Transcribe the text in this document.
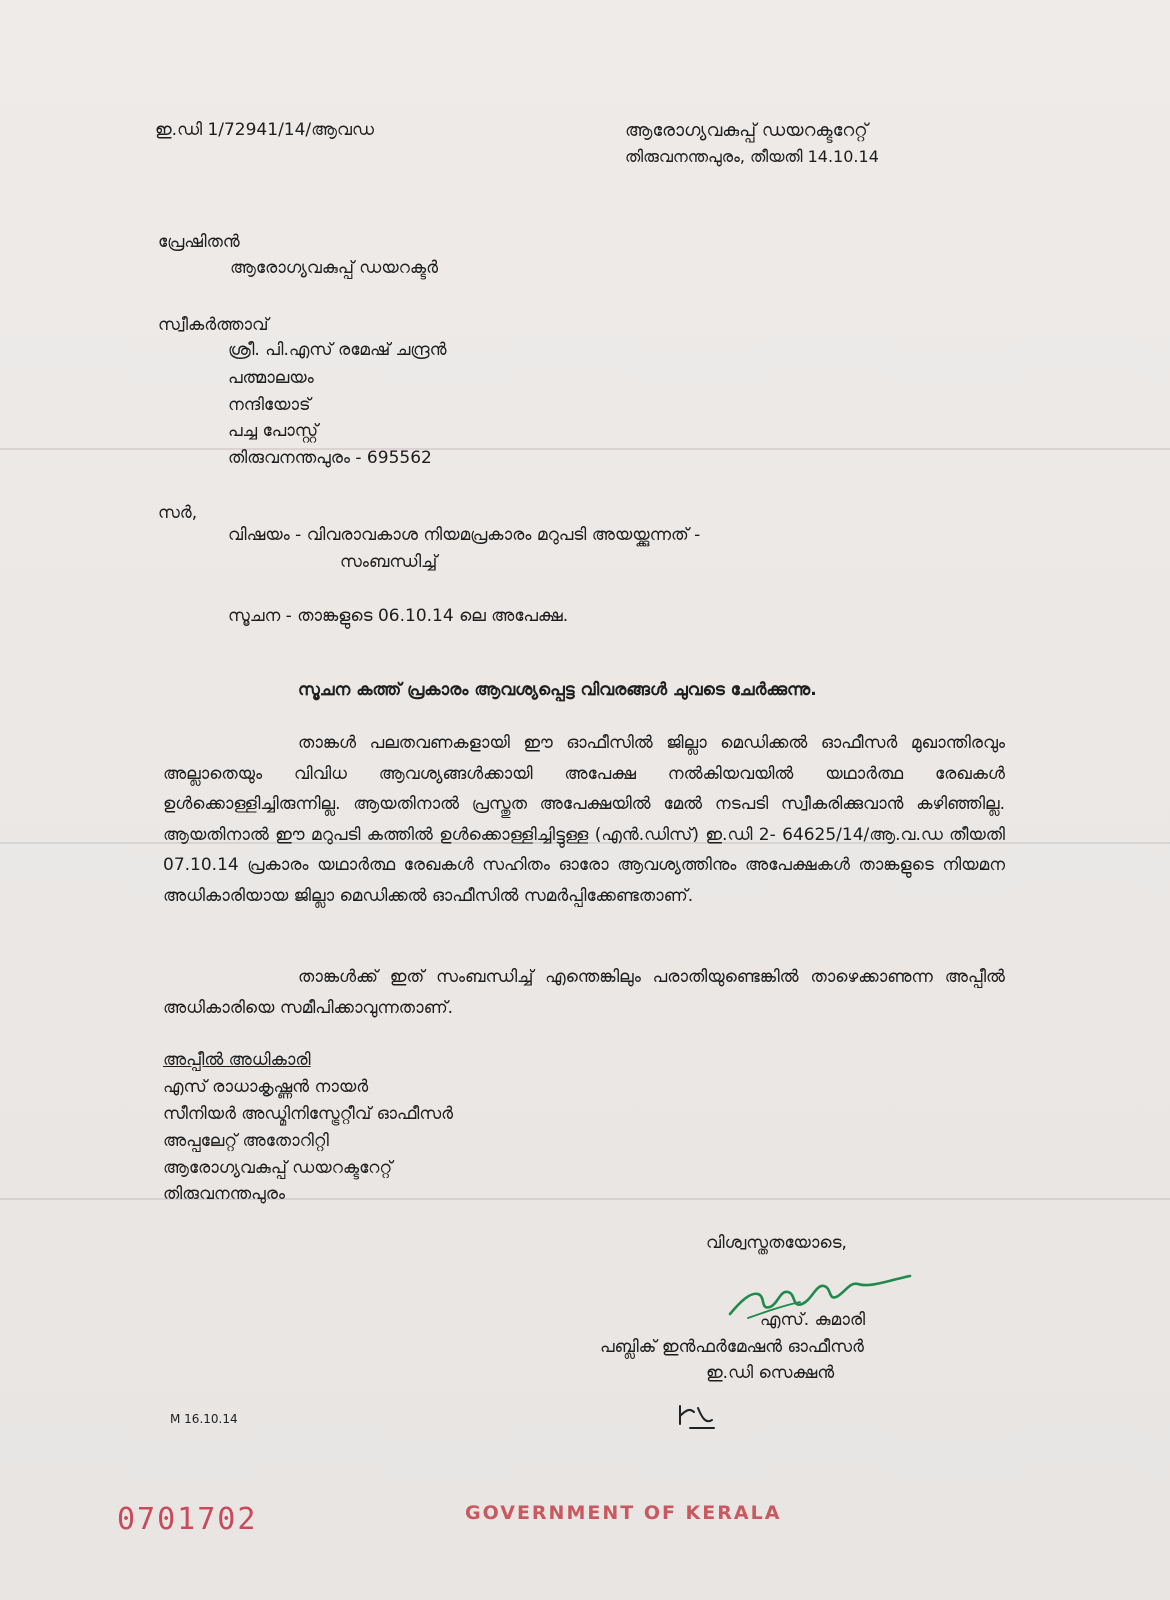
ഇ.ഡി 1/72941/14/ആവഡ	ആരോഗ്യവകുപ്പ് ഡയറക്ടറേറ്റ്
തിരുവനന്തപുരം, തീയതി 14.10.14
പ്രേഷിതൻ
ആരോഗ്യവകുപ്പ് ഡയറക്ടർ
സ്വീകർത്താവ്
ശ്രീ. പി.എസ് രമേഷ് ചന്ദ്രൻ
പത്മാലയം
നന്ദിയോട്
പച്ച പോസ്റ്റ്
തിരുവനന്തപുരം - 695562
സർ,
വിഷയം - വിവരാവകാശ നിയമപ്രകാരം മറുപടി അയയ്ക്കുന്നത് -
സംബന്ധിച്ച്
സൂചന - താങ്കളുടെ 06.10.14 ലെ അപേക്ഷ.
സൂചന കത്ത് പ്രകാരം ആവശ്യപ്പെട്ട വിവരങ്ങൾ ചുവടെ ചേർക്കുന്നു.

താങ്കൾ പലതവണകളായി ഈ ഓഫീസിൽ ജില്ലാ മെഡിക്കൽ ഓഫീസർ മുഖാന്തിരവും അല്ലാതെയും വിവിധ ആവശ്യങ്ങൾക്കായി അപേക്ഷ നൽകിയവയിൽ യഥാർത്ഥ രേഖകൾ ഉൾക്കൊള്ളിച്ചിരുന്നില്ല. ആയതിനാൽ പ്രസ്തുത അപേക്ഷയിൽ മേൽ നടപടി സ്വീകരിക്കുവാൻ കഴിഞ്ഞില്ല. ആയതിനാൽ ഈ മറുപടി കത്തിൽ ഉൾക്കൊള്ളിച്ചിട്ടുള്ള (എൻ.ഡിസ്) ഇ.ഡി 2- 64625/14/ആ.വ.ഡ തീയതി 07.10.14 പ്രകാരം യഥാർത്ഥ രേഖകൾ സഹിതം ഓരോ ആവശ്യത്തിനും അപേക്ഷകൾ താങ്കളുടെ നിയമന അധികാരിയായ ജില്ലാ മെഡിക്കൽ ഓഫീസിൽ സമർപ്പിക്കേണ്ടതാണ്.

താങ്കൾക്ക് ഇത് സംബന്ധിച്ച് എന്തെങ്കിലും പരാതിയുണ്ടെങ്കിൽ താഴെക്കാണുന്ന അപ്പീൽ അധികാരിയെ സമീപിക്കാവുന്നതാണ്.

അപ്പീൽ അധികാരി
എസ് രാധാകൃഷ്ണൻ നായർ
സീനിയർ അഡ്മിനിസ്ട്രേറ്റീവ് ഓഫീസർ
അപ്പലേറ്റ് അതോറിറ്റി
ആരോഗ്യവകുപ്പ് ഡയറക്ടറേറ്റ്
തിരുവനന്തപുരം
വിശ്വസ്തതയോടെ,
എസ്. കുമാരി
പബ്ലിക് ഇൻഫർമേഷൻ ഓഫീസർ
ഇ.ഡി സെക്ഷൻ
M 16.10.14
0701702	GOVERNMENT OF KERALA
